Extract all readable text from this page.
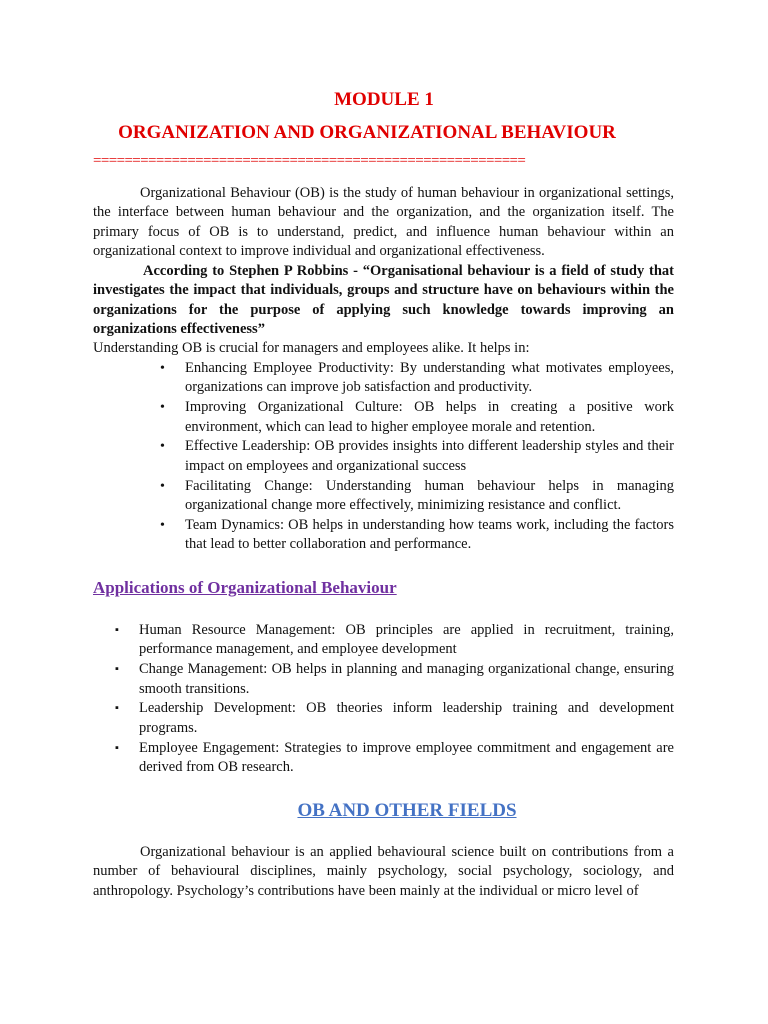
MODULE 1
ORGANIZATION AND ORGANIZATIONAL BEHAVIOUR
=======================================================

Organizational Behaviour (OB) is the study of human behaviour in organizational settings, the interface between human behaviour and the organization, and the organization itself. The primary focus of OB is to understand, predict, and influence human behaviour within an organizational context to improve individual and organizational effectiveness.

According to Stephen P Robbins - “Organisational behaviour is a field of study that investigates the impact that individuals, groups and structure have on behaviours within the organizations for the purpose of applying such knowledge towards improving an organizations effectiveness”

Understanding OB is crucial for managers and employees alike. It helps in:

• Enhancing Employee Productivity: By understanding what motivates employees, organizations can improve job satisfaction and productivity.
• Improving Organizational Culture: OB helps in creating a positive work environment, which can lead to higher employee morale and retention.
• Effective Leadership: OB provides insights into different leadership styles and their impact on employees and organizational success
• Facilitating Change: Understanding human behaviour helps in managing organizational change more effectively, minimizing resistance and conflict.
• Team Dynamics: OB helps in understanding how teams work, including the factors that lead to better collaboration and performance.
Applications of Organizational Behaviour
▪ Human Resource Management: OB principles are applied in recruitment, training, performance management, and employee development
▪ Change Management: OB helps in planning and managing organizational change, ensuring smooth transitions.
▪ Leadership Development: OB theories inform leadership training and development programs.
▪ Employee Engagement: Strategies to improve employee commitment and engagement are derived from OB research.
OB AND OTHER FIELDS

Organizational behaviour is an applied behavioural science built on contributions from a number of behavioural disciplines, mainly psychology, social psychology, sociology, and anthropology. Psychology’s contributions have been mainly at the individual or micro level of
